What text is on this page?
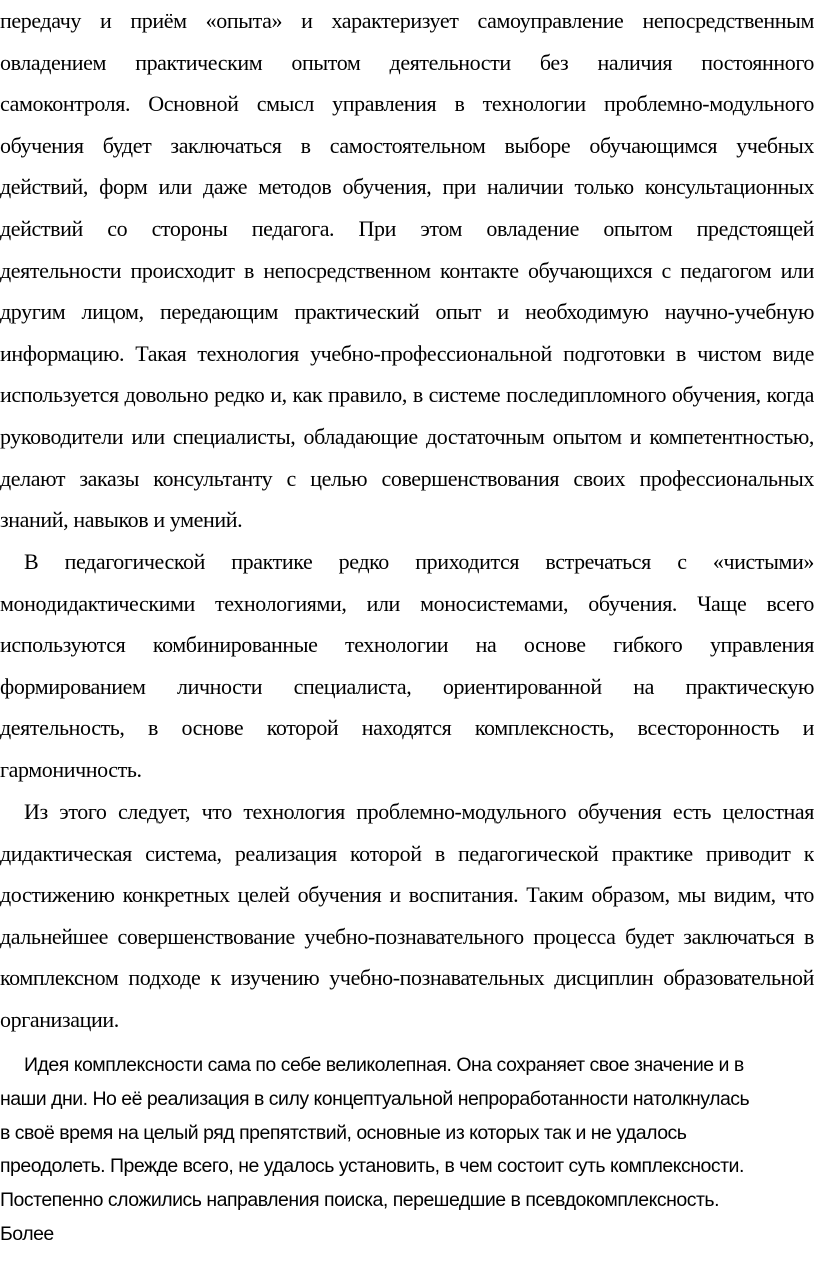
передачу и приём «опыта» и характеризует самоуправление непосредственным
овладением практическим опытом деятельности без наличия постоянного
самоконтроля. Основной смысл управления в технологии проблемно-модульного
обучения будет заключаться в самостоятельном выборе обучающимся учебных
действий, форм или даже методов обучения, при наличии только консультационных
действий со стороны педагога. При этом овладение опытом предстоящей
деятельности происходит в непосредственном контакте обучающихся с педагогом или
другим лицом, передающим практический опыт и необходимую научно-учебную
информацию. Такая технология учебно-профессиональной подготовки в чистом виде
используется довольно редко и, как правило, в системе последипломного обучения, когда
руководители или специалисты, обладающие достаточным опытом и компетентностью,
делают заказы консультанту с целью совершенствования своих профессиональных
знаний, навыков и умений.
В педагогической практике редко приходится встречаться с «чистыми»
монодидактическими технологиями, или моносистемами, обучения. Чаще всего
используются комбинированные технологии на основе гибкого управления
формированием личности специалиста, ориентированной на практическую
деятельность, в основе которой находятся комплексность, всесторонность и
гармоничность.
Из этого следует, что технология проблемно-модульного обучения есть целостная
дидактическая система, реализация которой в педагогической практике приводит к
достижению конкретных целей обучения и воспитания. Таким образом, мы видим, что
дальнейшее совершенствование учебно-познавательного процесса будет заключаться в
комплексном подходе к изучению учебно-познавательных дисциплин образовательной
организации.
Идея комплексности сама по себе великолепная. Она сохраняет свое значение и в
наши дни. Но её реализация в силу концептуальной непроработанности натолкнулась
в своё время на целый ряд препятствий, основные из которых так и не удалось
преодолеть. Прежде всего, не удалось установить, в чем состоит суть комплексности.
Постепенно сложились направления поиска, перешедшие в псевдокомплексность.
Более
